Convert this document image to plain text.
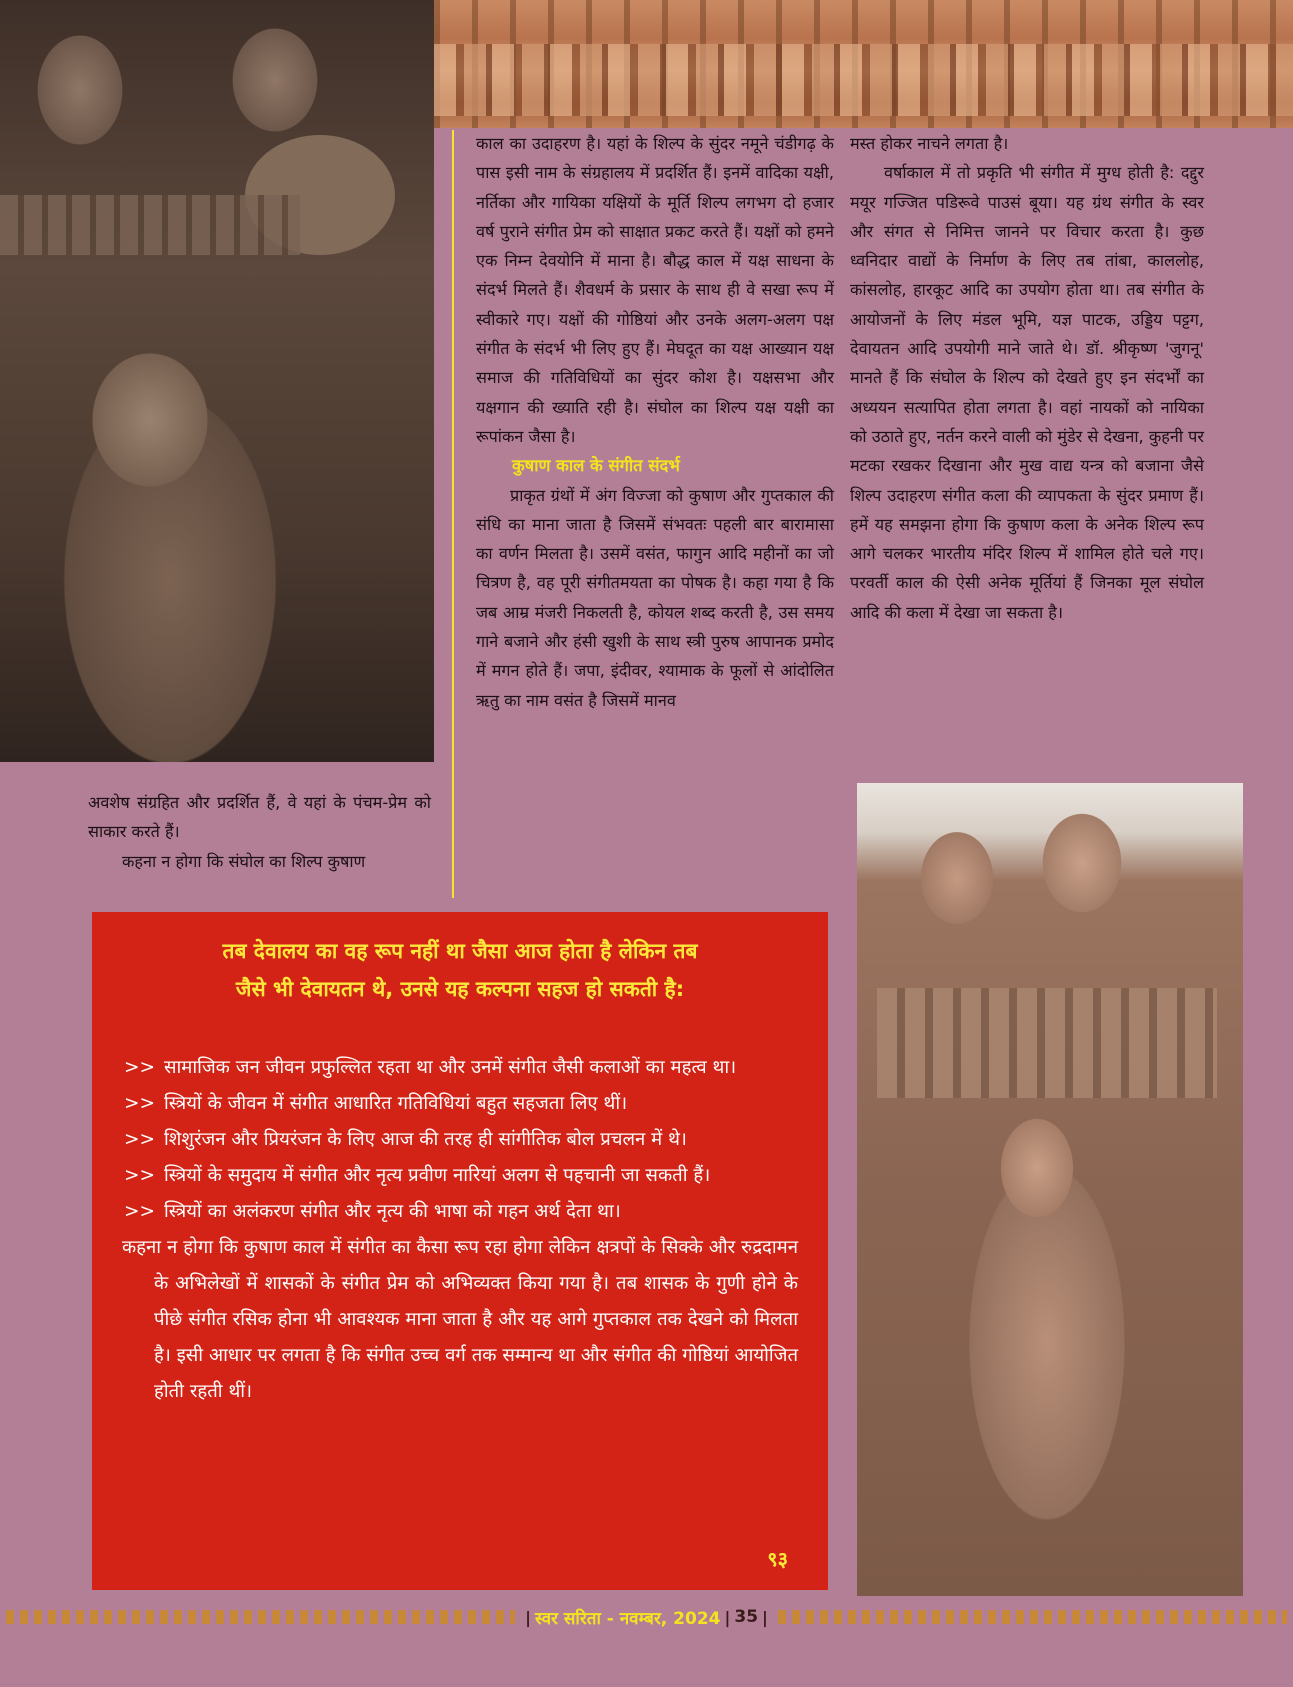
काल का उदाहरण है। यहां के शिल्प के सुंदर नमूने चंडीगढ़ के पास इसी नाम के संग्रहालय में प्रदर्शित हैं। इनमें वादिका यक्षी, नर्तिका और गायिका यक्षियों के मूर्ति शिल्प लगभग दो हजार वर्ष पुराने संगीत प्रेम को साक्षात प्रकट करते हैं। यक्षों को हमने एक निम्न देवयोनि में माना है। बौद्ध काल में यक्ष साधना के संदर्भ मिलते हैं। शैवधर्म के प्रसार के साथ ही वे सखा रूप में स्वीकारे गए। यक्षों की गोष्ठियां और उनके अलग-अलग पक्ष संगीत के संदर्भ भी लिए हुए हैं। मेघदूत का यक्ष आख्यान यक्ष समाज की गतिविधियों का सुंदर कोश है। यक्षसभा और यक्षगान की ख्याति रही है। संघोल का शिल्प यक्ष यक्षी का रूपांकन जैसा है।

कुषाण काल के संगीत संदर्भ

प्राकृत ग्रंथों में अंग विज्जा को कुषाण और गुप्तकाल की संधि का माना जाता है जिसमें संभवतः पहली बार बारामासा का वर्णन मिलता है। उसमें वसंत, फागुन आदि महीनों का जो चित्रण है, वह पूरी संगीतमयता का पोषक है। कहा गया है कि जब आम्र मंजरी निकलती है, कोयल शब्द करती है, उस समय गाने बजाने और हंसी खुशी के साथ स्त्री पुरुष आपानक प्रमोद में मगन होते हैं। जपा, इंदीवर, श्यामाक के फूलों से आंदोलित ऋतु का नाम वसंत है जिसमें मानव

मस्त होकर नाचने लगता है।

वर्षाकाल में तो प्रकृति भी संगीत में मुग्ध होती है: दद्दुर मयूर गज्जित पडिरूवे पाउसं बूया। यह ग्रंथ संगीत के स्वर और संगत से निमित्त जानने पर विचार करता है। कुछ ध्वनिदार वाद्यों के निर्माण के लिए तब तांबा, काललोह, कांसलोह, हारकूट आदि का उपयोग होता था। तब संगीत के आयोजनों के लिए मंडल भूमि, यज्ञ पाटक, उड्डिय पट्टग, देवायतन आदि उपयोगी माने जाते थे। डॉ. श्रीकृष्ण 'जुगनू' मानते हैं कि संघोल के शिल्प को देखते हुए इन संदर्भों का अध्ययन सत्यापित होता लगता है। वहां नायकों को नायिका को उठाते हुए, नर्तन करने वाली को मुंडेर से देखना, कुहनी पर मटका रखकर दिखाना और मुख वाद्य यन्त्र को बजाना जैसे शिल्प उदाहरण संगीत कला की व्यापकता के सुंदर प्रमाण हैं। हमें यह समझना होगा कि कुषाण कला के अनेक शिल्प रूप आगे चलकर भारतीय मंदिर शिल्प में शामिल होते चले गए। परवर्ती काल की ऐसी अनेक मूर्तियां हैं जिनका मूल संघोल आदि की कला में देखा जा सकता है।

अवशेष संग्रहित और प्रदर्शित हैं, वे यहां के पंचम-प्रेम को साकार करते हैं।

कहना न होगा कि संघोल का शिल्प कुषाण

तब देवालय का वह रूप नहीं था जैसा आज होता है लेकिन तब
जैसे भी देवायतन थे, उनसे यह कल्पना सहज हो सकती है:
>> सामाजिक जन जीवन प्रफुल्लित रहता था और उनमें संगीत जैसी कलाओं का महत्व था।
>> स्त्रियों के जीवन में संगीत आधारित गतिविधियां बहुत सहजता लिए थीं।
>> शिशुरंजन और प्रियरंजन के लिए आज की तरह ही सांगीतिक बोल प्रचलन में थे।
>> स्त्रियों के समुदाय में संगीत और नृत्य प्रवीण नारियां अलग से पहचानी जा सकती हैं।
>> स्त्रियों का अलंकरण संगीत और नृत्य की भाषा को गहन अर्थ देता था।

कहना न होगा कि कुषाण काल में संगीत का कैसा रूप रहा होगा लेकिन क्षत्रपों के सिक्के और रुद्रदामन के अभिलेखों में शासकों के संगीत प्रेम को अभिव्यक्त किया गया है। तब शासक के गुणी होने के पीछे संगीत रसिक होना भी आवश्यक माना जाता है और यह आगे गुप्तकाल तक देखने को मिलता है। इसी आधार पर लगता है कि संगीत उच्च वर्ग तक सम्मान्य था और संगीत की गोष्ठियां आयोजित होती रहती थीं।

९३
| स्वर सरिता - नवम्बर, 2024 | 35 |
